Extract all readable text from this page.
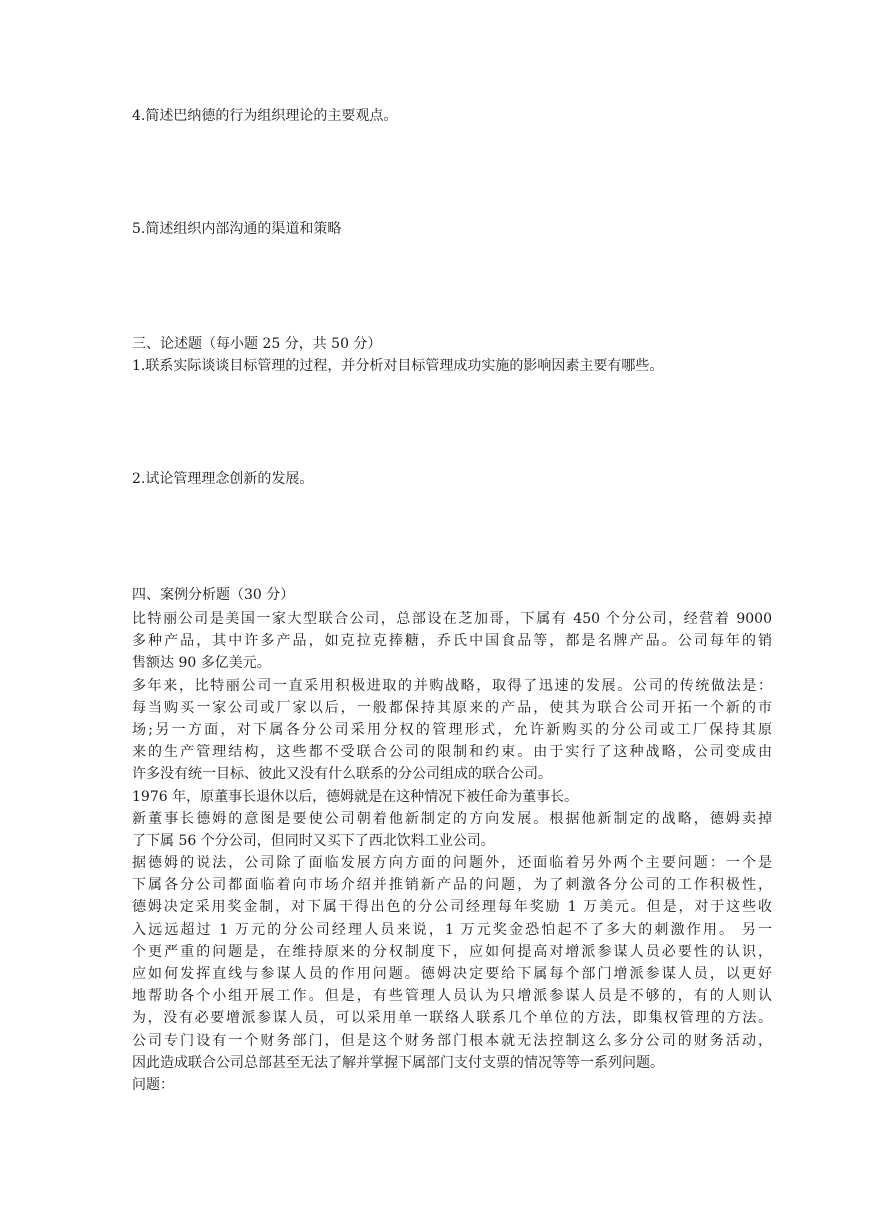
4.简述巴纳德的行为组织理论的主要观点。
5.简述组织内部沟通的渠道和策略
三、论述题（每小题 25 分，共 50 分）
1.联系实际谈谈目标管理的过程，并分析对目标管理成功实施的影响因素主要有哪些。
2.试论管理理念创新的发展。
四、案例分析题（30 分）
比特丽公司是美国一家大型联合公司，总部设在芝加哥，下属有 450 个分公司，经营着 9000
多种产品，其中许多产品，如克拉克捧糖，乔氏中国食品等，都是名牌产品。公司每年的销
售额达 90 多亿美元。
多年来，比特丽公司一直采用积极进取的并购战略，取得了迅速的发展。公司的传统做法是：
每当购买一家公司或厂家以后，一般都保持其原来的产品，使其为联合公司开拓一个新的市
场;另一方面，对下属各分公司采用分权的管理形式，允许新购买的分公司或工厂保持其原
来的生产管理结构，这些都不受联合公司的限制和约束。由于实行了这种战略，公司变成由
许多没有统一目标、彼此又没有什么联系的分公司组成的联合公司。
1976 年，原董事长退休以后，德姆就是在这种情况下被任命为董事长。
新董事长德姆的意图是要使公司朝着他新制定的方向发展。根据他新制定的战略，德姆卖掉
了下属 56 个分公司，但同时又买下了西北饮料工业公司。
据德姆的说法，公司除了面临发展方向方面的问题外，还面临着另外两个主要问题：一个是
下属各分公司都面临着向市场介绍并推销新产品的问题，为了刺激各分公司的工作积极性，
德姆决定采用奖金制，对下属干得出色的分公司经理每年奖励 1 万美元。但是，对于这些收
入远远超过 1 万元的分公司经理人员来说，1 万元奖金恐怕起不了多大的刺激作用。 另一
个更严重的问题是，在维持原来的分权制度下，应如何提高对增派参谋人员必要性的认识，
应如何发挥直线与参谋人员的作用问题。德姆决定要给下属每个部门增派参谋人员，以更好
地帮助各个小组开展工作。但是，有些管理人员认为只增派参谋人员是不够的，有的人则认
为，没有必要增派参谋人员，可以采用单一联络人联系几个单位的方法，即集权管理的方法。
公司专门设有一个财务部门，但是这个财务部门根本就无法控制这么多分公司的财务活动，
因此造成联合公司总部甚至无法了解并掌握下属部门支付支票的情况等等一系列问题。
问题：
